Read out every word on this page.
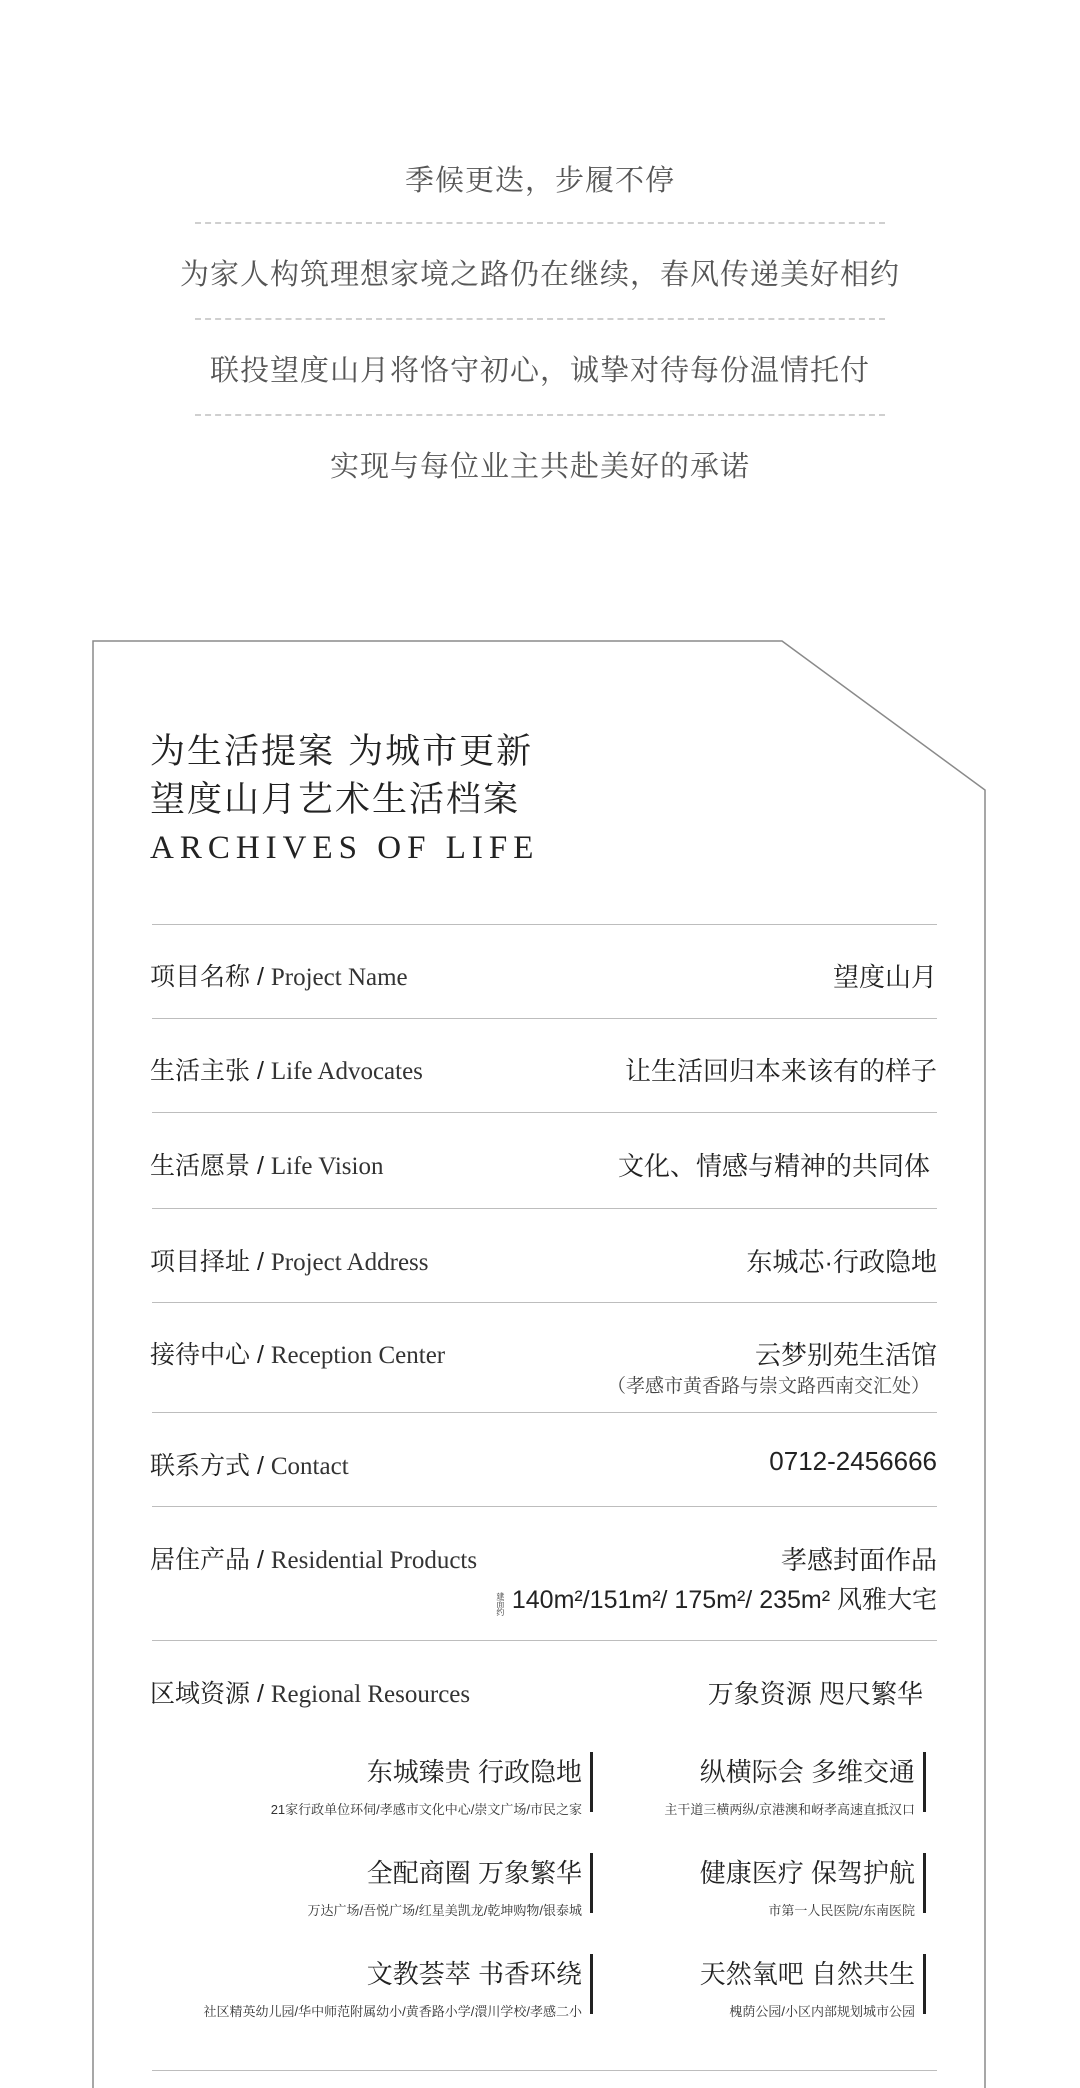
季候更迭，步履不停
为家人构筑理想家境之路仍在继续，春风传递美好相约
联投望度山月将恪守初心，诚挚对待每份温情托付
实现与每位业主共赴美好的承诺
为生活提案 为城市更新
望度山月艺术生活档案
ARCHIVES OF LIFE
项目名称 / Project Name	望度山月
生活主张 / Life Advocates	让生活回归本来该有的样子
生活愿景 / Life Vision	文化、情感与精神的共同体
项目择址 / Project Address	东城芯·行政隐地
接待中心 / Reception Center	云梦别苑生活馆
（孝感市黄香路与崇文路西南交汇处）
联系方式 / Contact	0712-2456666
居住产品 / Residential Products	孝感封面作品
建面约 140m²/151m²/ 175m²/ 235m² 风雅大宅
区域资源 / Regional Resources	万象资源 咫尺繁华
东城臻贵 行政隐地
21家行政单位环伺/孝感市文化中心/崇文广场/市民之家
纵横际会 多维交通
主干道三横两纵/京港澳和岈孝高速直抵汉口
全配商圈 万象繁华
万达广场/吾悦广场/红星美凯龙/乾坤购物/银泰城
健康医疗 保驾护航
市第一人民医院/东南医院
文教荟萃 书香环绕
社区精英幼儿园/华中师范附属幼小/黄香路小学/澴川学校/孝感二小
天然氧吧 自然共生
槐荫公园/小区内部规划城市公园
